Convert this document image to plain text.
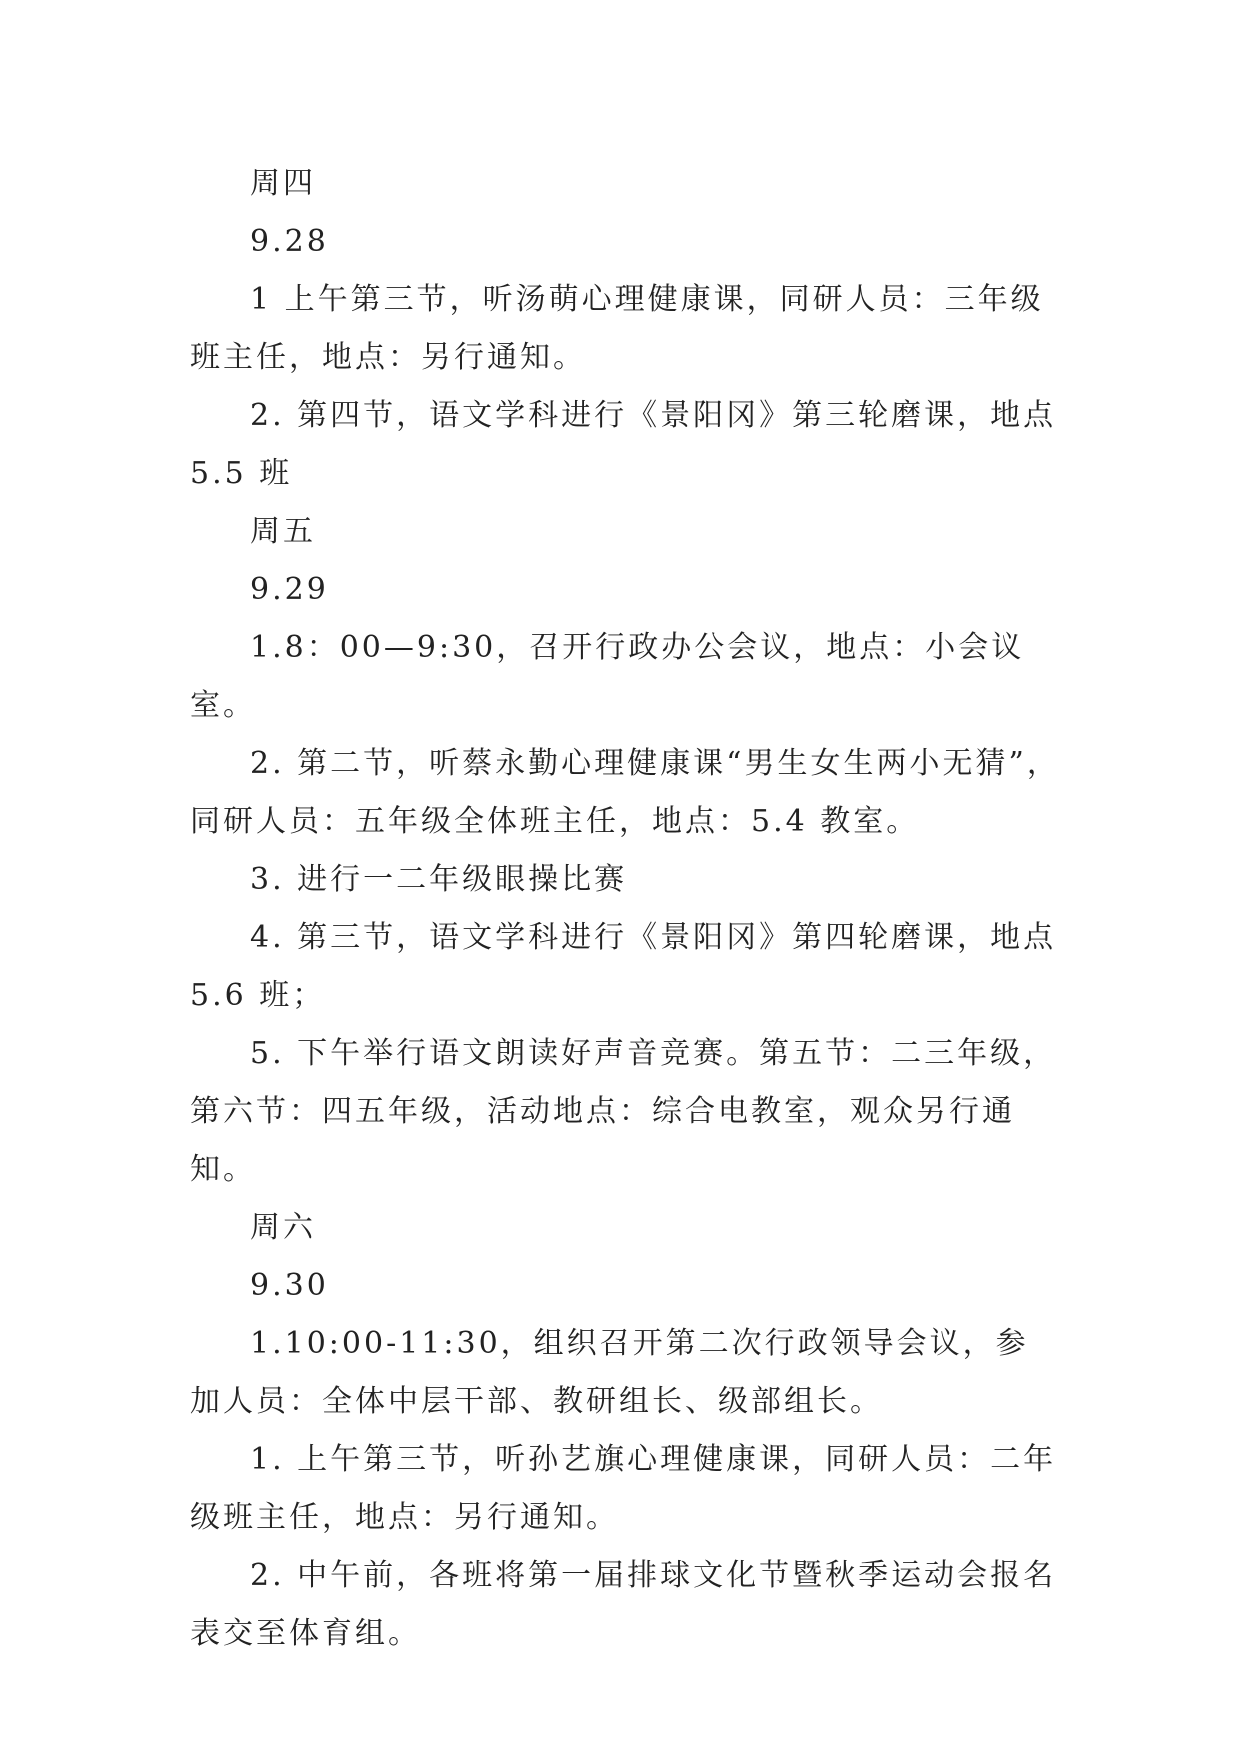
周四

9.28

1 上午第三节，听汤萌心理健康课，同研人员：三年级班主任，地点：另行通知。

2. 第四节，语文学科进行《景阳冈》第三轮磨课，地点5.5 班

周五

9.29

1.8：00—9:30，召开行政办公会议，地点：小会议室。

2. 第二节，听蔡永勤心理健康课“男生女生两小无猜”，同研人员：五年级全体班主任，地点：5.4 教室。

3. 进行一二年级眼操比赛

4. 第三节，语文学科进行《景阳冈》第四轮磨课，地点5.6 班；

5. 下午举行语文朗读好声音竞赛。第五节：二三年级，第六节：四五年级，活动地点：综合电教室，观众另行通知。

周六

9.30

1.10:00-11:30，组织召开第二次行政领导会议，参加人员：全体中层干部、教研组长、级部组长。

1. 上午第三节，听孙艺旗心理健康课，同研人员：二年级班主任，地点：另行通知。

2. 中午前，各班将第一届排球文化节暨秋季运动会报名表交至体育组。
